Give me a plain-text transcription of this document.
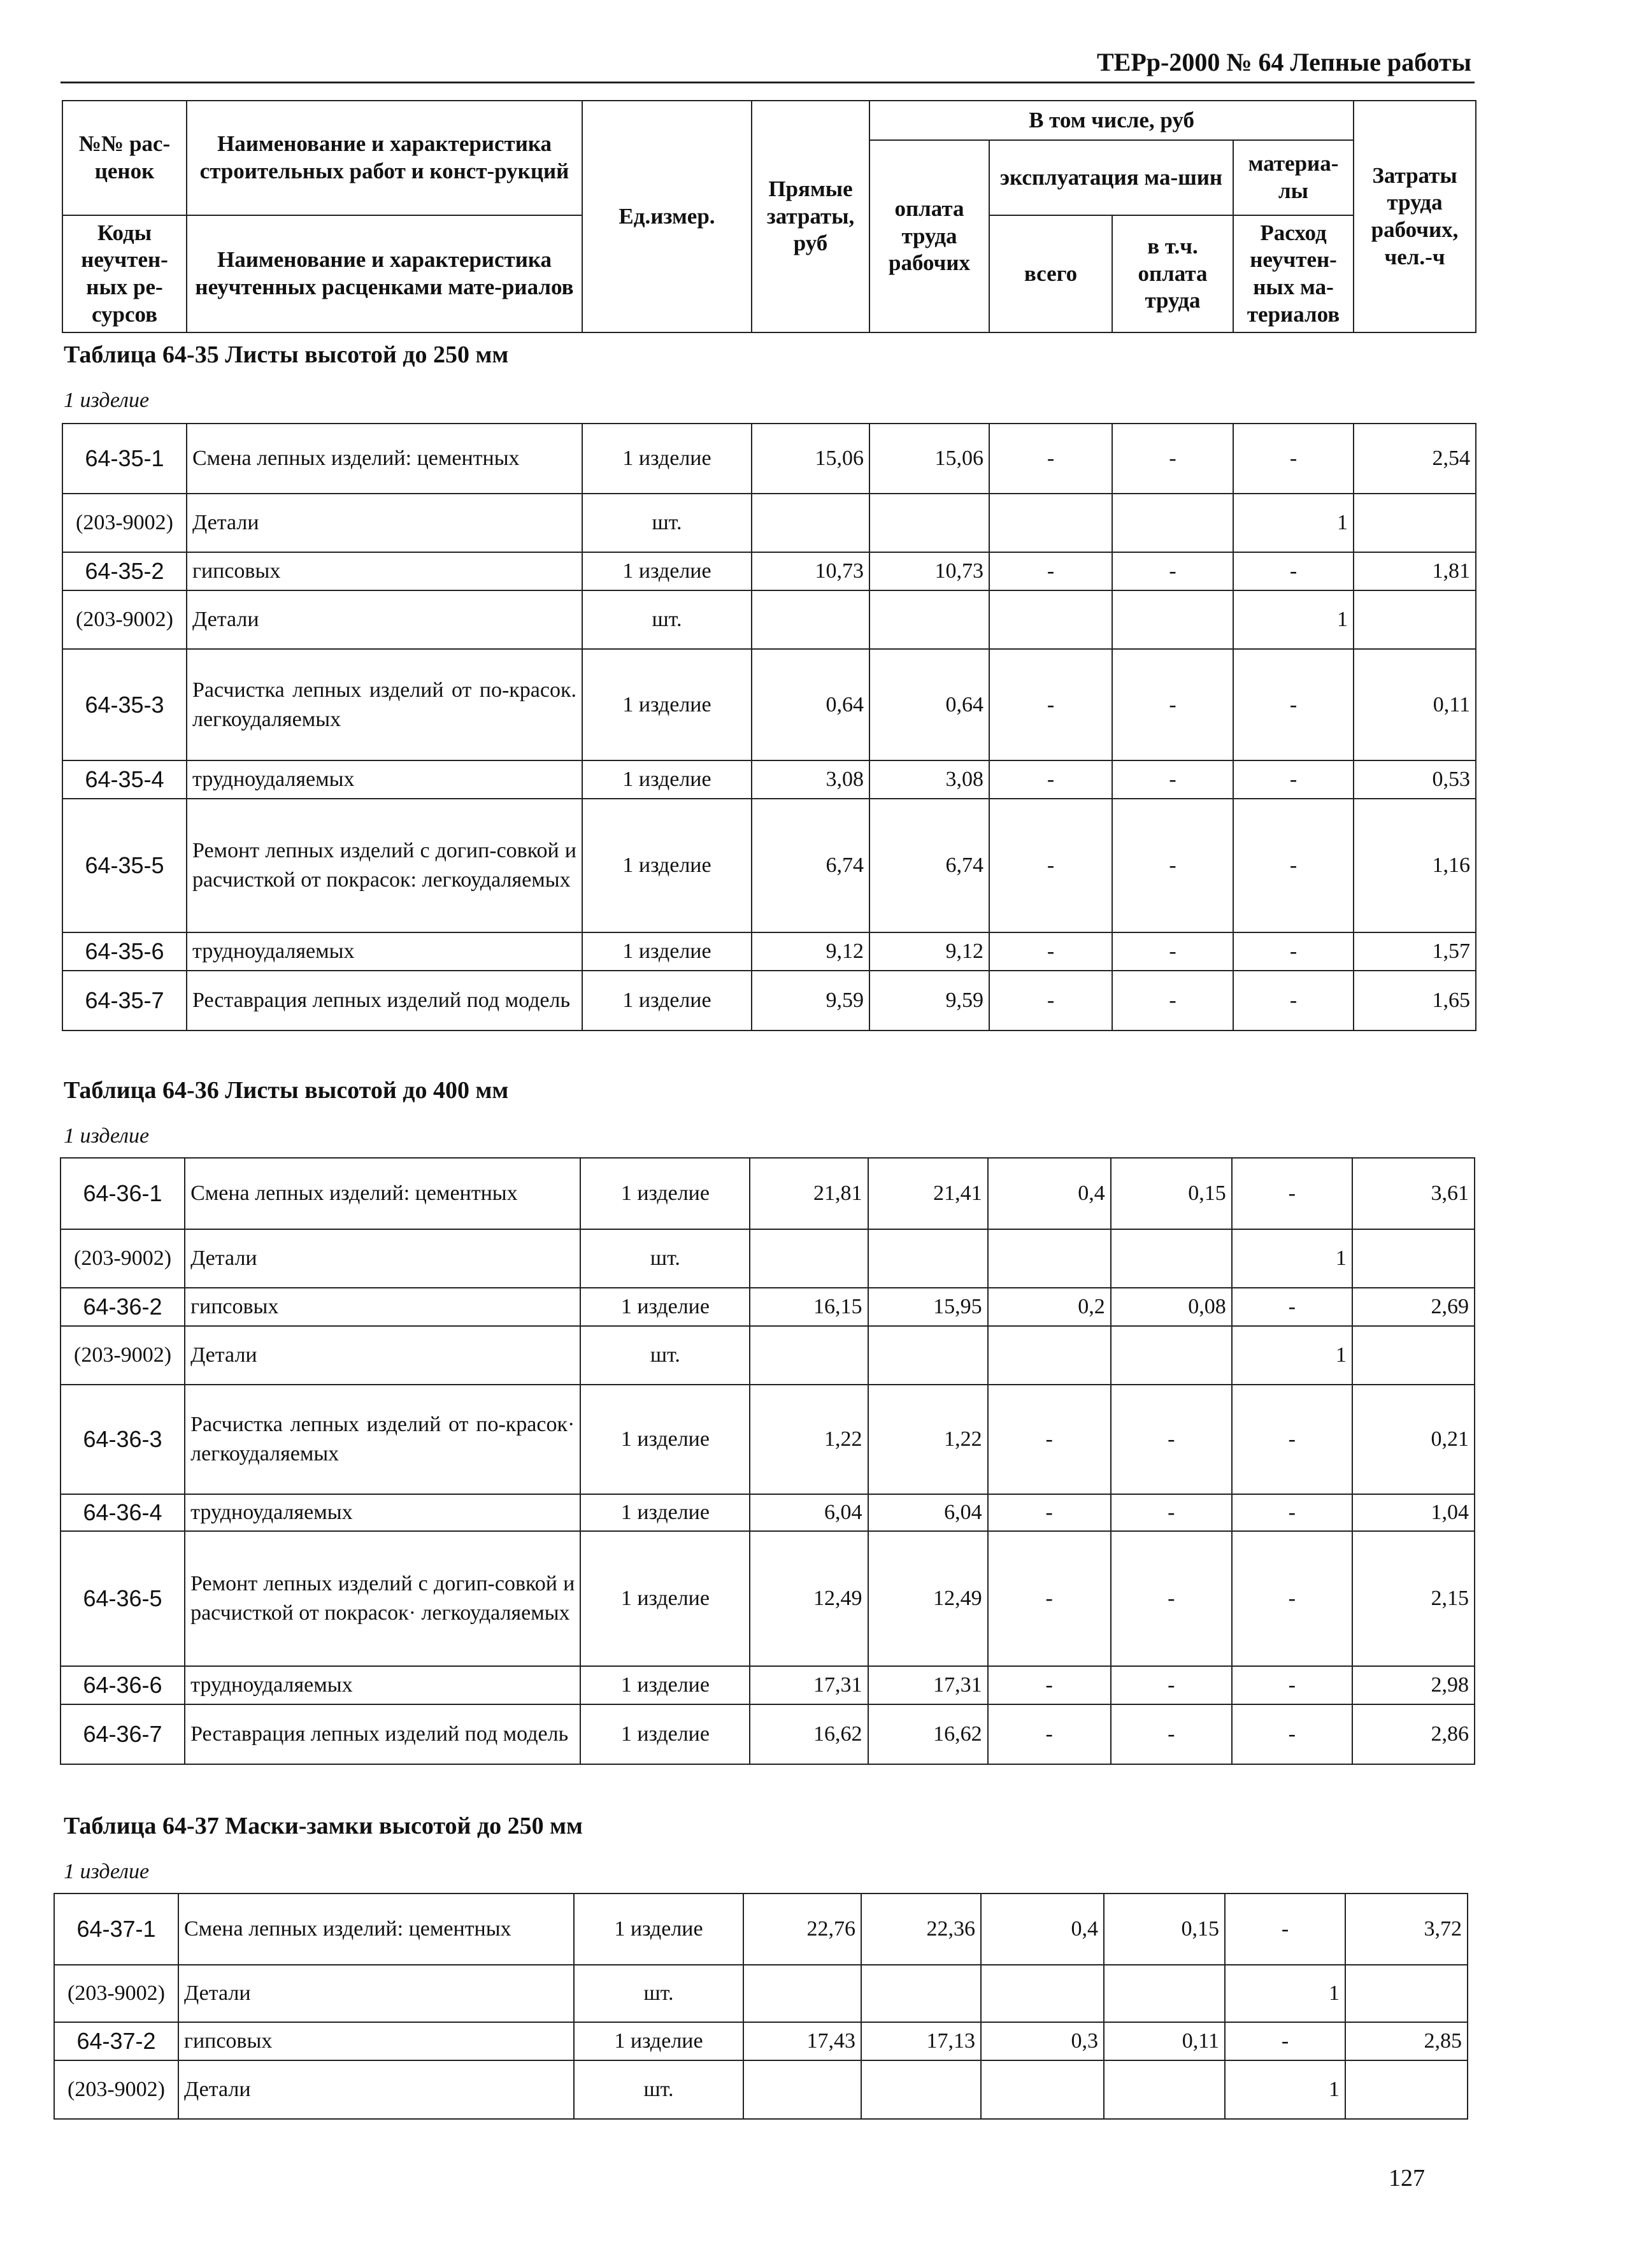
ТЕРр-2000 № 64 Лепные работы
№№ рас-ценок	Наименование и характеристика строительных работ и конст-рукций	Ед.измер.	Прямые затраты, руб	В том числе, руб				Затраты труда рабочих, чел.-ч
				оплата труда рабочих	эксплуатация ма-шин		материа-лы	

Коды неучтен-ных ре-сурсов	Наименование и характеристика неучтенных расценками мате-риалов				всего	в т.ч. оплата труда	Расход неучтен-ных ма-териалов	

Таблица 64-35 Листы высотой до 250 мм
1 изделие
64-35-1	Смена лепных изделий: цементных	1 изделие	15,06	15,06	-	-	-	2,54
(203-9002)	Детали	шт.					1	
64-35-2	гипсовых	1 изделие	10,73	10,73	-	-	-	1,81
(203-9002)	Детали	шт.					1	
64-35-3	Расчистка лепных изделий от по-красок. легкоудаляемых	1 изделие	0,64	0,64	-	-	-	0,11
64-35-4	трудноудаляемых	1 изделие	3,08	3,08	-	-	-	0,53
64-35-5	Ремонт лепных изделий с догип-совкой и расчисткой от покрасок: легкоудаляемых	1 изделие	6,74	6,74	-	-	-	1,16
64-35-6	трудноудаляемых	1 изделие	9,12	9,12	-	-	-	1,57
64-35-7	Реставрация лепных изделий под модель	1 изделие	9,59	9,59	-	-	-	1,65
Таблица 64-36 Листы высотой до 400 мм
1 изделие
64-36-1	Смена лепных изделий: цементных	1 изделие	21,81	21,41	0,4	0,15	-	3,61
(203-9002)	Детали	шт.					1	
64-36-2	гипсовых	1 изделие	16,15	15,95	0,2	0,08	-	2,69
(203-9002)	Детали	шт.					1	
64-36-3	Расчистка лепных изделий от по-красок· легкоудаляемых	1 изделие	1,22	1,22	-	-	-	0,21
64-36-4	трудноудаляемых	1 изделие	6,04	6,04	-	-	-	1,04
64-36-5	Ремонт лепных изделий с догип-совкой и расчисткой от покрасок· легкоудаляемых	1 изделие	12,49	12,49	-	-	-	2,15
64-36-6	трудноудаляемых	1 изделие	17,31	17,31	-	-	-	2,98
64-36-7	Реставрация лепных изделий под модель	1 изделие	16,62	16,62	-	-	-	2,86
Таблица 64-37 Маски-замки высотой до 250 мм
1 изделие
64-37-1	Смена лепных изделий: цементных	1 изделие	22,76	22,36	0,4	0,15	-	3,72
(203-9002)	Детали	шт.					1	
64-37-2	гипсовых	1 изделие	17,43	17,13	0,3	0,11	-	2,85
(203-9002)	Детали	шт.					1	
127
